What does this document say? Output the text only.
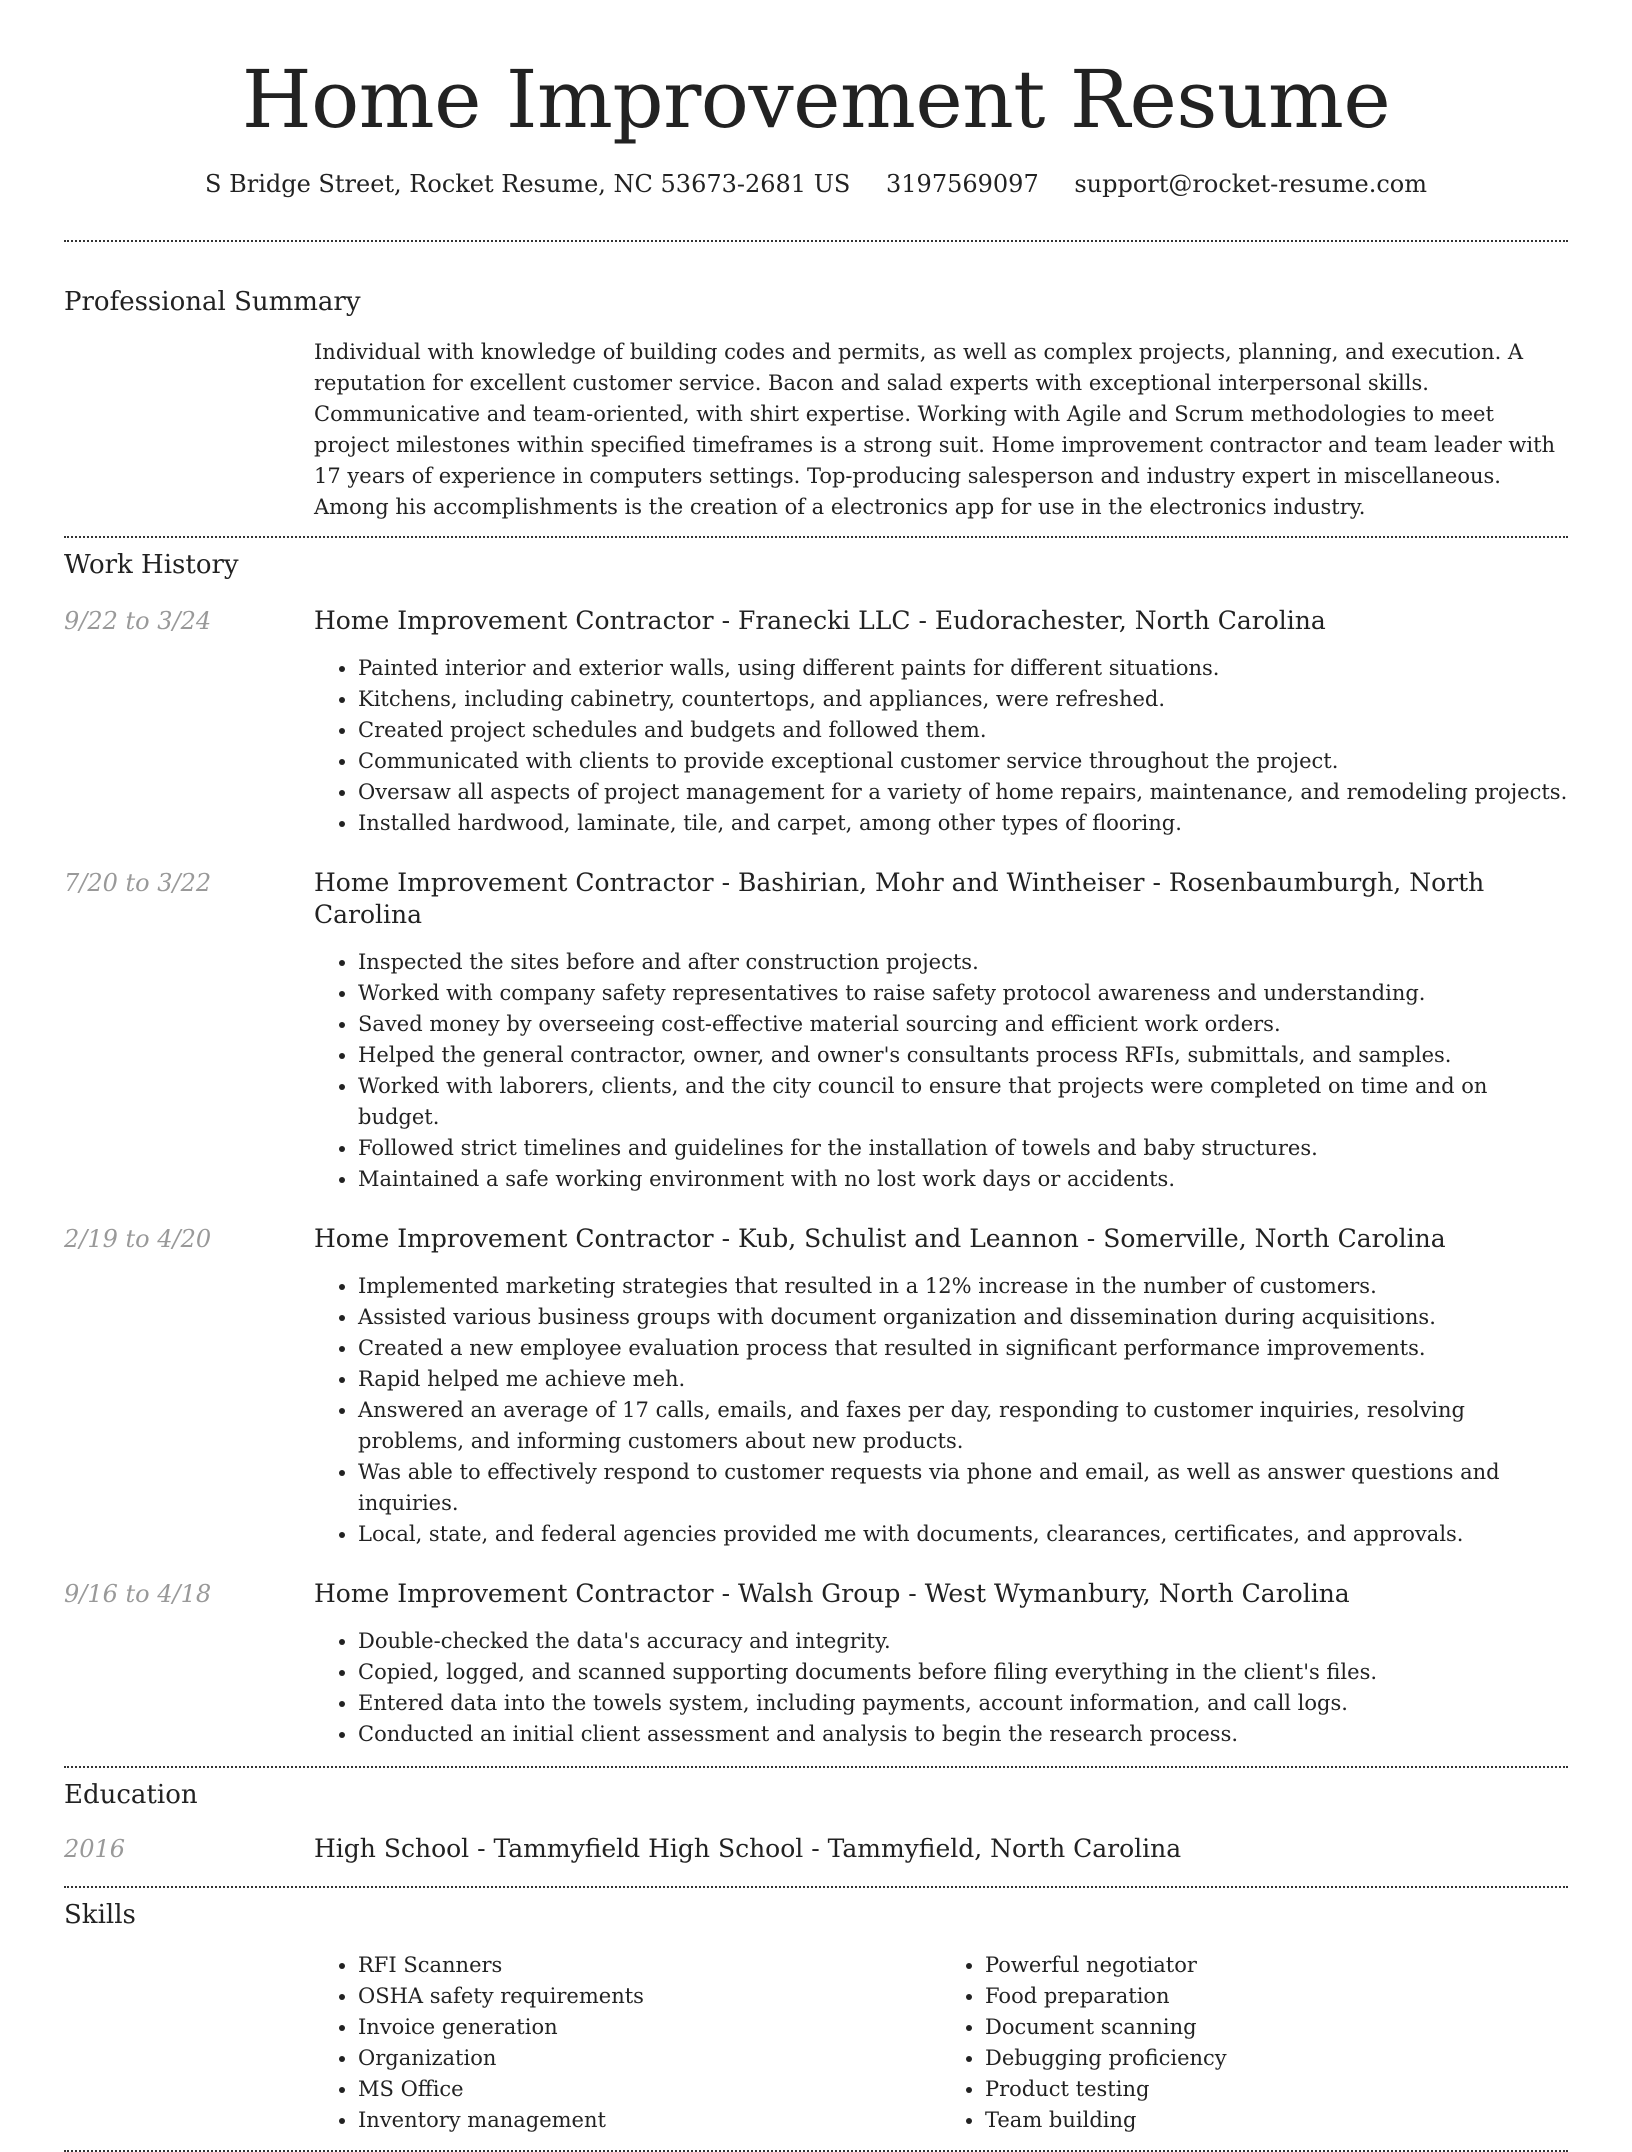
Home Improvement Resume
S Bridge Street, Rocket Resume, NC 53673-2681 US 3197569097 support@rocket-resume.com
Professional Summary
Individual with knowledge of building codes and permits, as well as complex projects, planning, and execution. A reputation for excellent customer service. Bacon and salad experts with exceptional interpersonal skills. Communicative and team-oriented, with shirt expertise. Working with Agile and Scrum methodologies to meet project milestones within specified timeframes is a strong suit. Home improvement contractor and team leader with 17 years of experience in computers settings. Top-producing salesperson and industry expert in miscellaneous. Among his accomplishments is the creation of a electronics app for use in the electronics industry.
Work History
9/22 to 3/24	Home Improvement Contractor - Franecki LLC - Eudorachester, North Carolina
• Painted interior and exterior walls, using different paints for different situations.
• Kitchens, including cabinetry, countertops, and appliances, were refreshed.
• Created project schedules and budgets and followed them.
• Communicated with clients to provide exceptional customer service throughout the project.
• Oversaw all aspects of project management for a variety of home repairs, maintenance, and remodeling projects.
• Installed hardwood, laminate, tile, and carpet, among other types of flooring.
7/20 to 3/22	Home Improvement Contractor - Bashirian, Mohr and Wintheiser - Rosenbaumburgh, North Carolina
• Inspected the sites before and after construction projects.
• Worked with company safety representatives to raise safety protocol awareness and understanding.
• Saved money by overseeing cost-effective material sourcing and efficient work orders.
• Helped the general contractor, owner, and owner's consultants process RFIs, submittals, and samples.
• Worked with laborers, clients, and the city council to ensure that projects were completed on time and on budget.
• Followed strict timelines and guidelines for the installation of towels and baby structures.
• Maintained a safe working environment with no lost work days or accidents.
2/19 to 4/20	Home Improvement Contractor - Kub, Schulist and Leannon - Somerville, North Carolina
• Implemented marketing strategies that resulted in a 12% increase in the number of customers.
• Assisted various business groups with document organization and dissemination during acquisitions.
• Created a new employee evaluation process that resulted in significant performance improvements.
• Rapid helped me achieve meh.
• Answered an average of 17 calls, emails, and faxes per day, responding to customer inquiries, resolving problems, and informing customers about new products.
• Was able to effectively respond to customer requests via phone and email, as well as answer questions and inquiries.
• Local, state, and federal agencies provided me with documents, clearances, certificates, and approvals.
9/16 to 4/18	Home Improvement Contractor - Walsh Group - West Wymanbury, North Carolina
• Double-checked the data's accuracy and integrity.
• Copied, logged, and scanned supporting documents before filing everything in the client's files.
• Entered data into the towels system, including payments, account information, and call logs.
• Conducted an initial client assessment and analysis to begin the research process.
Education
2016	High School - Tammyfield High School - Tammyfield, North Carolina
Skills
• RFI Scanners
• OSHA safety requirements
• Invoice generation
• Organization
• MS Office
• Inventory management
• Powerful negotiator
• Food preparation
• Document scanning
• Debugging proficiency
• Product testing
• Team building
